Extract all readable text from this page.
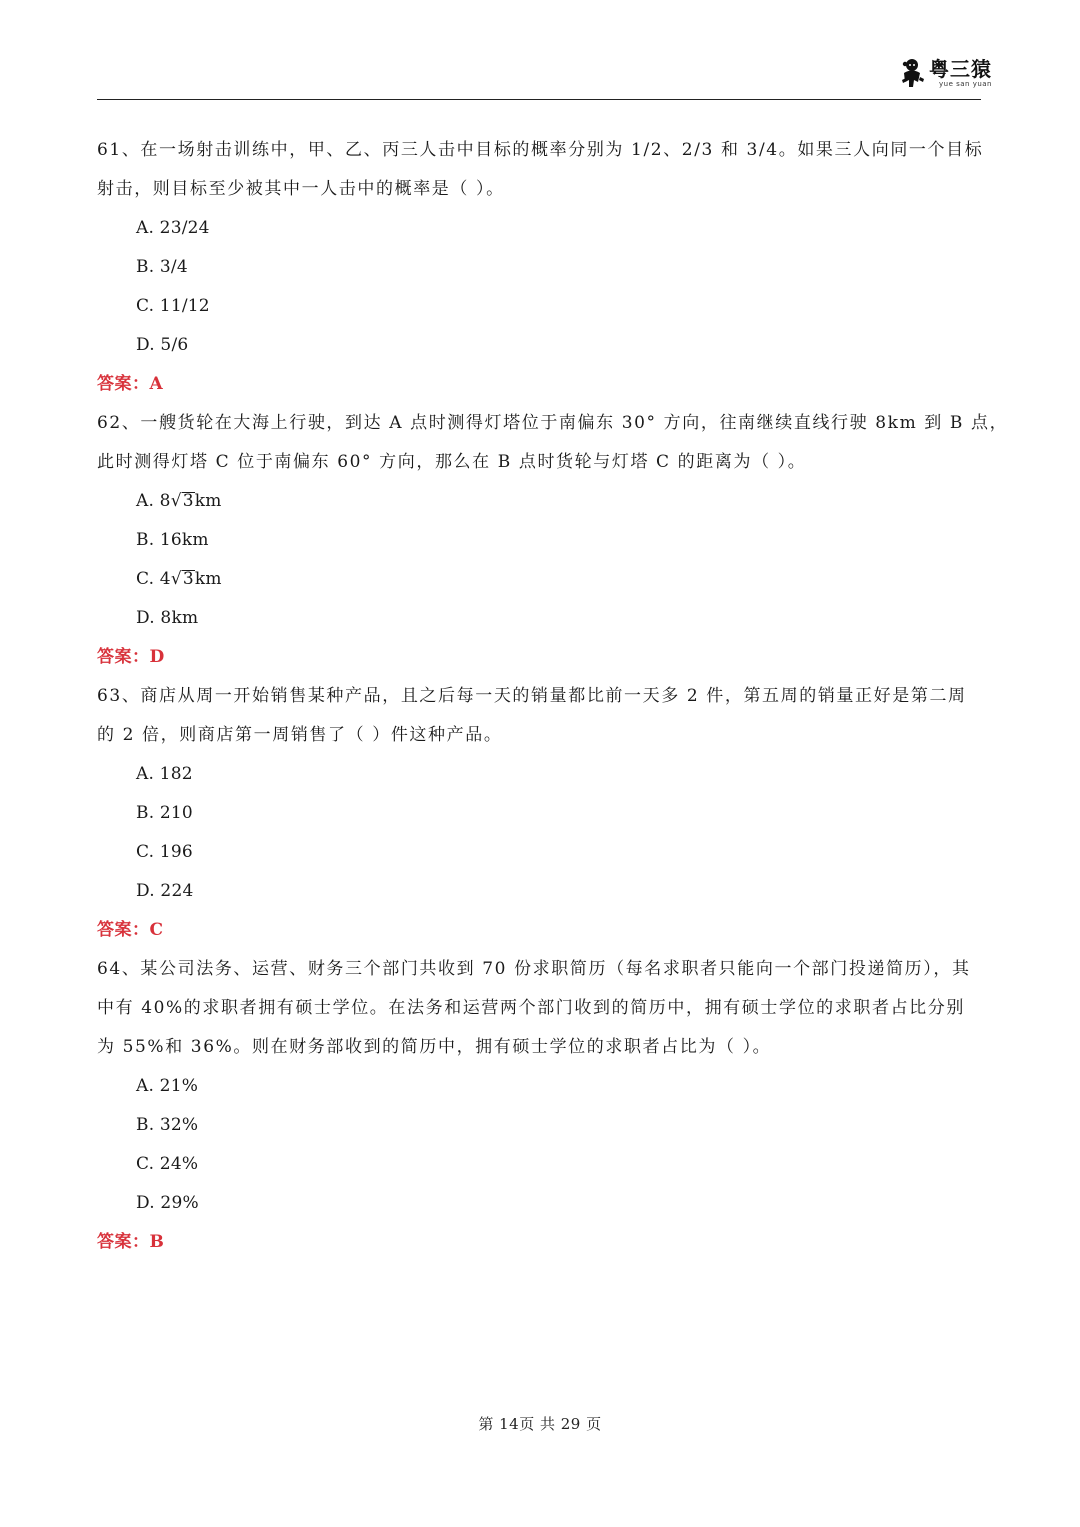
粤三猿
yue san yuan
61、在一场射击训练中，甲、乙、丙三人击中目标的概率分别为 1/2、2/3 和 3/4。如果三人向同一个目标
射击，则目标至少被其中一人击中的概率是（ ）。
A. 23/24
B. 3/4
C. 11/12
D. 5/6
答案：A
62、一艘货轮在大海上行驶，到达 A 点时测得灯塔位于南偏东 30° 方向，往南继续直线行驶 8km 到 B 点，
此时测得灯塔 C 位于南偏东 60° 方向，那么在 B 点时货轮与灯塔 C 的距离为（ ）。
A. 8√3km
B. 16km
C. 4√3km
D. 8km
答案：D
63、商店从周一开始销售某种产品，且之后每一天的销量都比前一天多 2 件，第五周的销量正好是第二周
的 2 倍，则商店第一周销售了（ ）件这种产品。
A. 182
B. 210
C. 196
D. 224
答案：C
64、某公司法务、运营、财务三个部门共收到 70 份求职简历（每名求职者只能向一个部门投递简历），其
中有 40%的求职者拥有硕士学位。在法务和运营两个部门收到的简历中，拥有硕士学位的求职者占比分别
为 55%和 36%。则在财务部收到的简历中，拥有硕士学位的求职者占比为（ ）。
A. 21%
B. 32%
C. 24%
D. 29%
答案：B
第 14页 共 29 页
